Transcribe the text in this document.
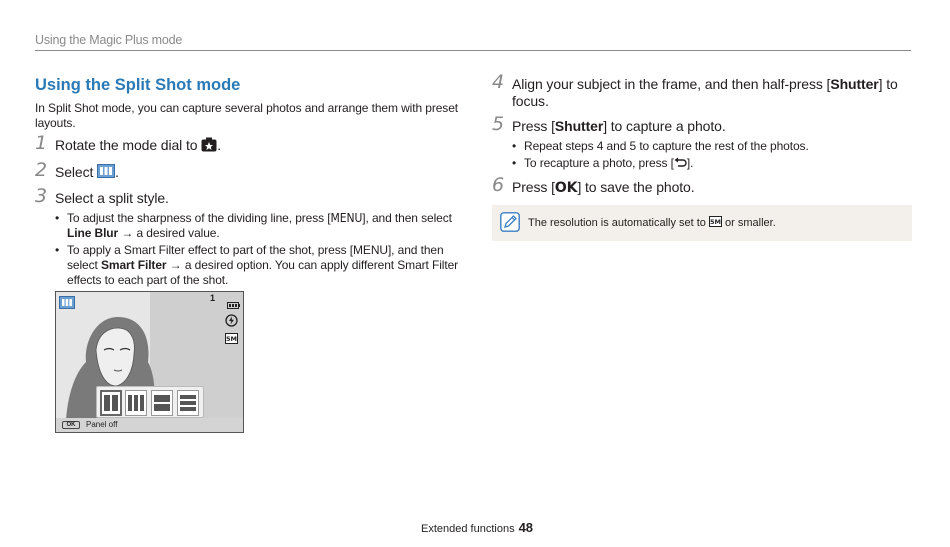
Using the Magic Plus mode
Using the Split Shot mode
In Split Shot mode, you can capture several photos and arrange them with preset layouts.
1 Rotate the mode dial to .
2 Select .
3 Select a split style.
• To adjust the sharpness of the dividing line, press [MENU], and then select Line Blur → a desired value.
• To apply a Smart Filter effect to part of the shot, press [MENU], and then select Smart Filter → a desired option. You can apply different Smart Filter effects to each part of the shot.
1
5M
OK	Panel off
4 Align your subject in the frame, and then half-press [Shutter] to focus.
5 Press [Shutter] to capture a photo.
• Repeat steps 4 and 5 to capture the rest of the photos.
• To recapture a photo, press [ ].
6 Press [OK] to save the photo.
The resolution is automatically set to 5M or smaller.
Extended functions 48
